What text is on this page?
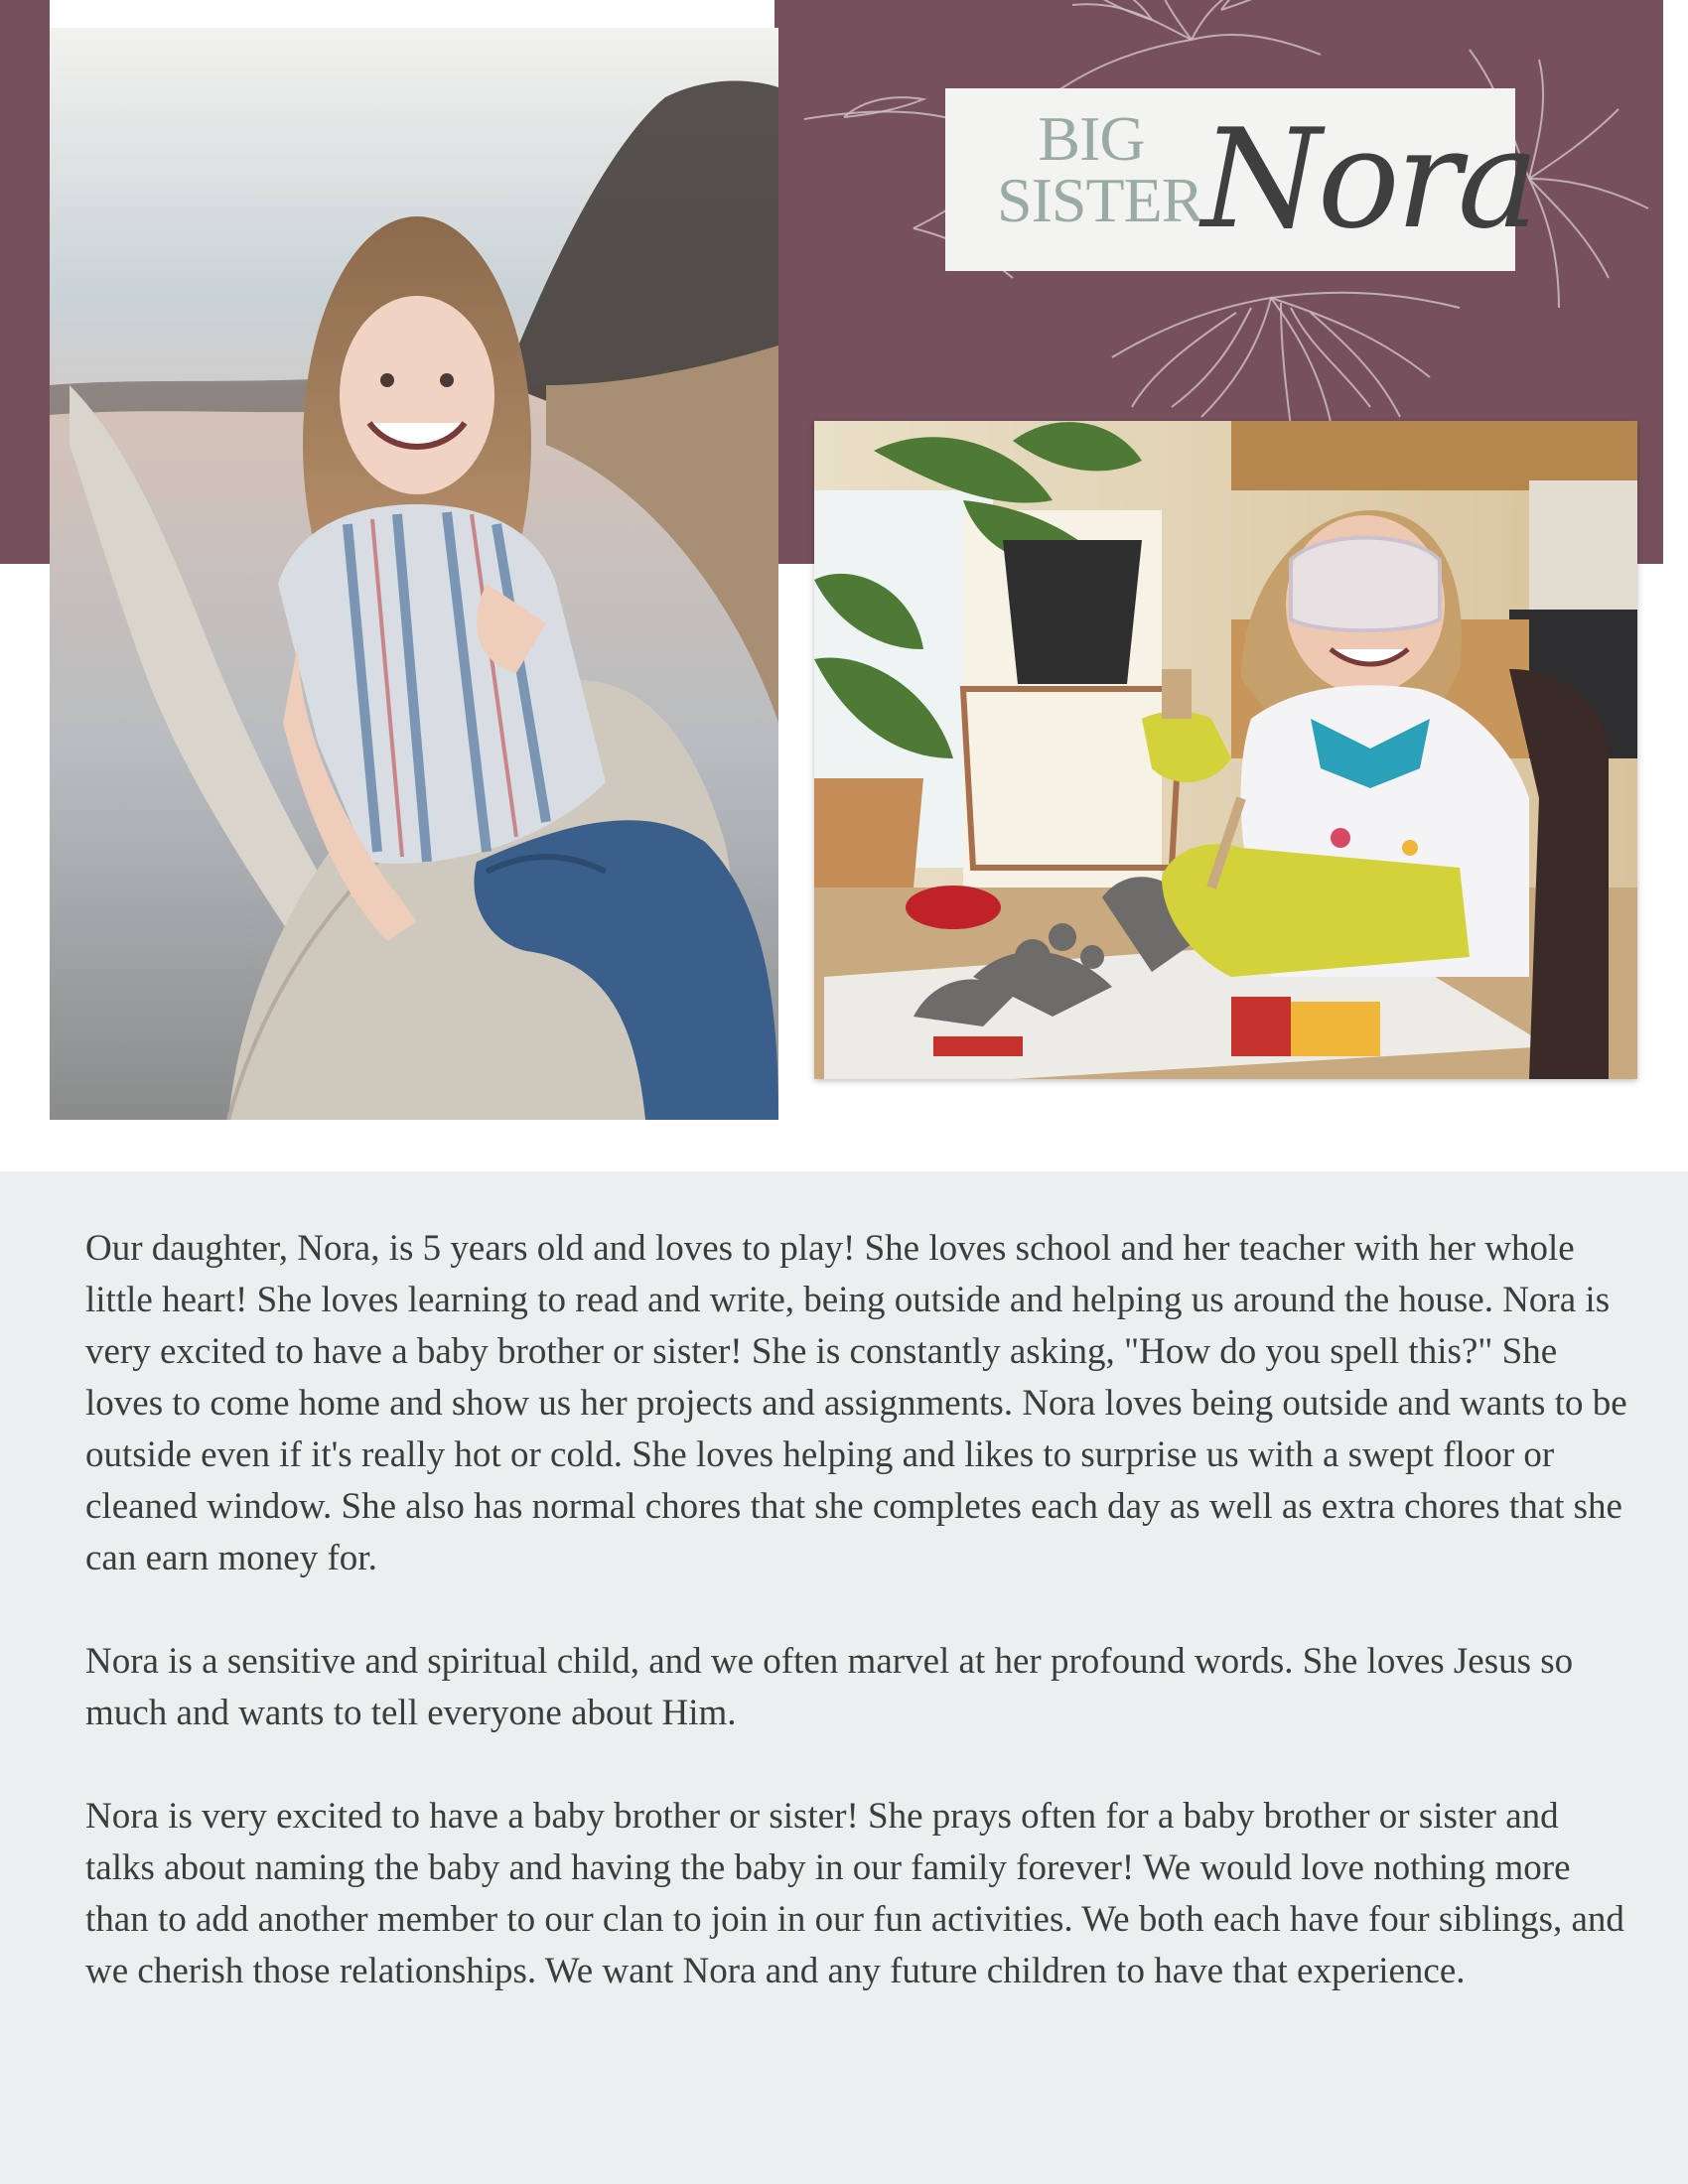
BIG
SISTER
Nora

Our daughter, Nora, is 5 years old and loves to play! She loves school and her teacher with her whole little heart! She loves learning to read and write, being outside and helping us around the house. Nora is very excited to have a baby brother or sister! She is constantly asking, "How do you spell this?" She loves to come home and show us her projects and assignments. Nora loves being outside and wants to be outside even if it's really hot or cold. She loves helping and likes to surprise us with a swept floor or cleaned window. She also has normal chores that she completes each day as well as extra chores that she can earn money for.

Nora is a sensitive and spiritual child, and we often marvel at her profound words. She loves Jesus so much and wants to tell everyone about Him.

Nora is very excited to have a baby brother or sister! She prays often for a baby brother or sister and talks about naming the baby and having the baby in our family forever! We would love nothing more than to add another member to our clan to join in our fun activities. We both each have four siblings, and we cherish those relationships. We want Nora and any future children to have that experience.
